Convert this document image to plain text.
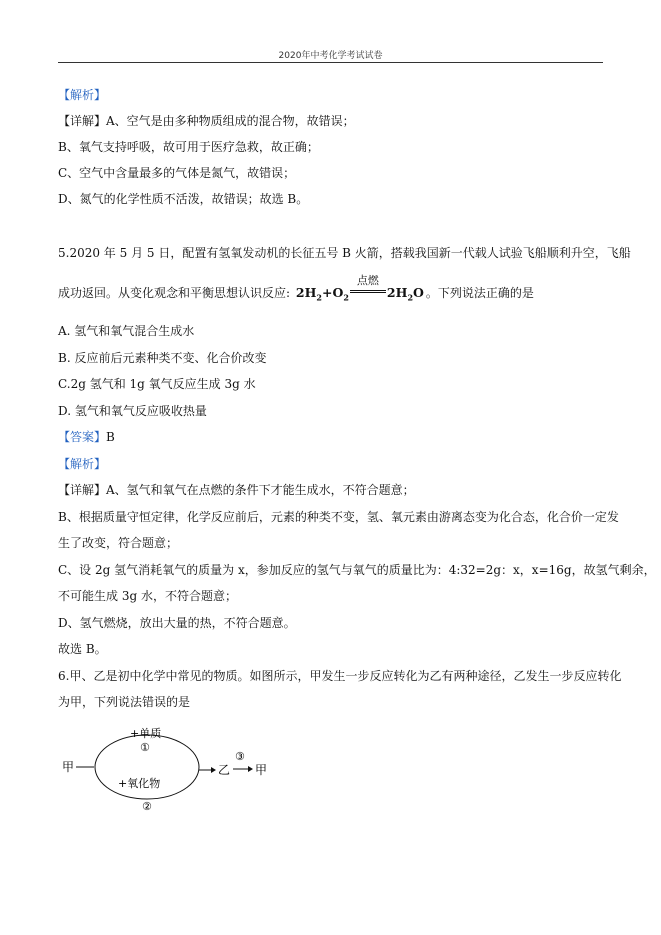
2020年中考化学考试试卷
【解析】
【详解】A、空气是由多种物质组成的混合物，故错误；
B、氧气支持呼吸，故可用于医疗急救，故正确；
C、空气中含量最多的气体是氮气，故错误；
D、氮气的化学性质不活泼，故错误；故选 B。
5.2020 年 5 月 5 日，配置有氢氧发动机的长征五号 B 火箭，搭载我国新一代载人试验飞船顺利升空，飞船
成功返回。从变化观念和平衡思想认识反应: $2H_2+O_2$
点燃
$2H_2O$ 。下列说法正确的是
A. 氢气和氧气混合生成水
B. 反应前后元素种类不变、化合价改变
C.2g 氢气和 1g 氧气反应生成 3g 水
D. 氢气和氧气反应吸收热量
【答案】B
【解析】
【详解】A、氢气和氧气在点燃的条件下才能生成水，不符合题意；
B、根据质量守恒定律，化学反应前后，元素的种类不变，氢、氧元素由游离态变为化合态，化合价一定发
生了改变，符合题意；
C、设 2g 氢气消耗氧气的质量为 x，参加反应的氢气与氧气的质量比为：4:32=2g：x，x=16g，故氢气剩余，
不可能生成 3g 水，不符合题意；
D、氢气燃烧，放出大量的热，不符合题意。
故选 B。
6.甲、乙是初中化学中常见的物质。如图所示，甲发生一步反应转化为乙有两种途径，乙发生一步反应转化
为甲，下列说法错误的是
甲
+单质
①
+氧化物
②
乙
③
甲
